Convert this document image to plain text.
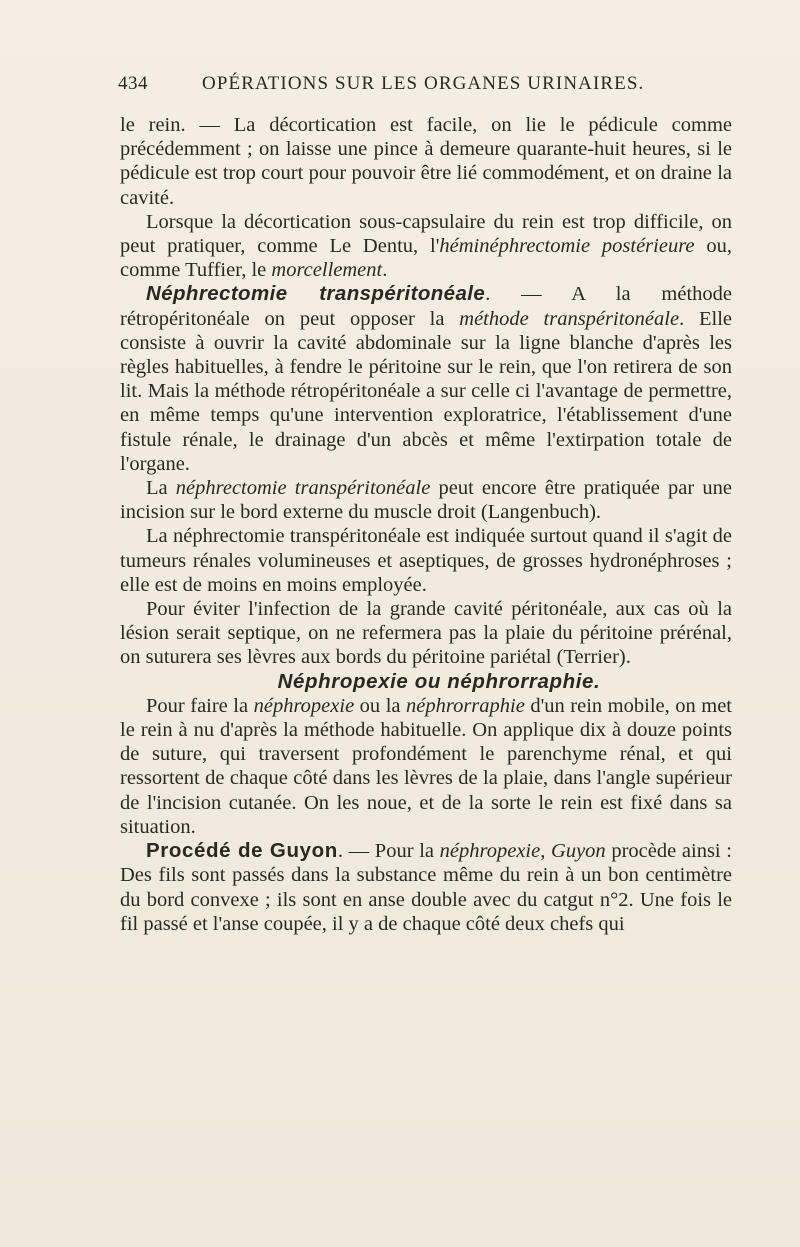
434	OPÉRATIONS SUR LES ORGANES URINAIRES.

le rein. — La décortication est facile, on lie le pédicule comme précédemment ; on laisse une pince à demeure quarante-huit heures, si le pédicule est trop court pour pouvoir être lié commodément, et on draine la cavité.

Lorsque la décortication sous-capsulaire du rein est trop difficile, on peut pratiquer, comme Le Dentu, l'héminéphrectomie postérieure ou, comme Tuffier, le morcellement.

Néphrectomie transpéritonéale. — A la méthode rétropéritonéale on peut opposer la méthode transpéritonéale. Elle consiste à ouvrir la cavité abdominale sur la ligne blanche d'après les règles habituelles, à fendre le péritoine sur le rein, que l'on retirera de son lit. Mais la méthode rétropéritonéale a sur celle ci l'avantage de permettre, en même temps qu'une intervention exploratrice, l'établissement d'une fistule rénale, le drainage d'un abcès et même l'extirpation totale de l'organe.

La néphrectomie transpéritonéale peut encore être pratiquée par une incision sur le bord externe du muscle droit (Langenbuch).

La néphrectomie transpéritonéale est indiquée surtout quand il s'agit de tumeurs rénales volumineuses et aseptiques, de grosses hydronéphroses ; elle est de moins en moins employée.

Pour éviter l'infection de la grande cavité péritonéale, aux cas où la lésion serait septique, on ne refermera pas la plaie du péritoine prérénal, on suturera ses lèvres aux bords du péritoine pariétal (Terrier).

Néphropexie ou néphrorraphie.

Pour faire la néphropexie ou la néphrorraphie d'un rein mobile, on met le rein à nu d'après la méthode habituelle. On applique dix à douze points de suture, qui traversent profondément le parenchyme rénal, et qui ressortent de chaque côté dans les lèvres de la plaie, dans l'angle supérieur de l'incision cutanée. On les noue, et de la sorte le rein est fixé dans sa situation.

Procédé de Guyon. — Pour la néphropexie, Guyon procède ainsi : Des fils sont passés dans la substance même du rein à un bon centimètre du bord convexe ; ils sont en anse double avec du catgut n°2. Une fois le fil passé et l'anse coupée, il y a de chaque côté deux chefs qui
